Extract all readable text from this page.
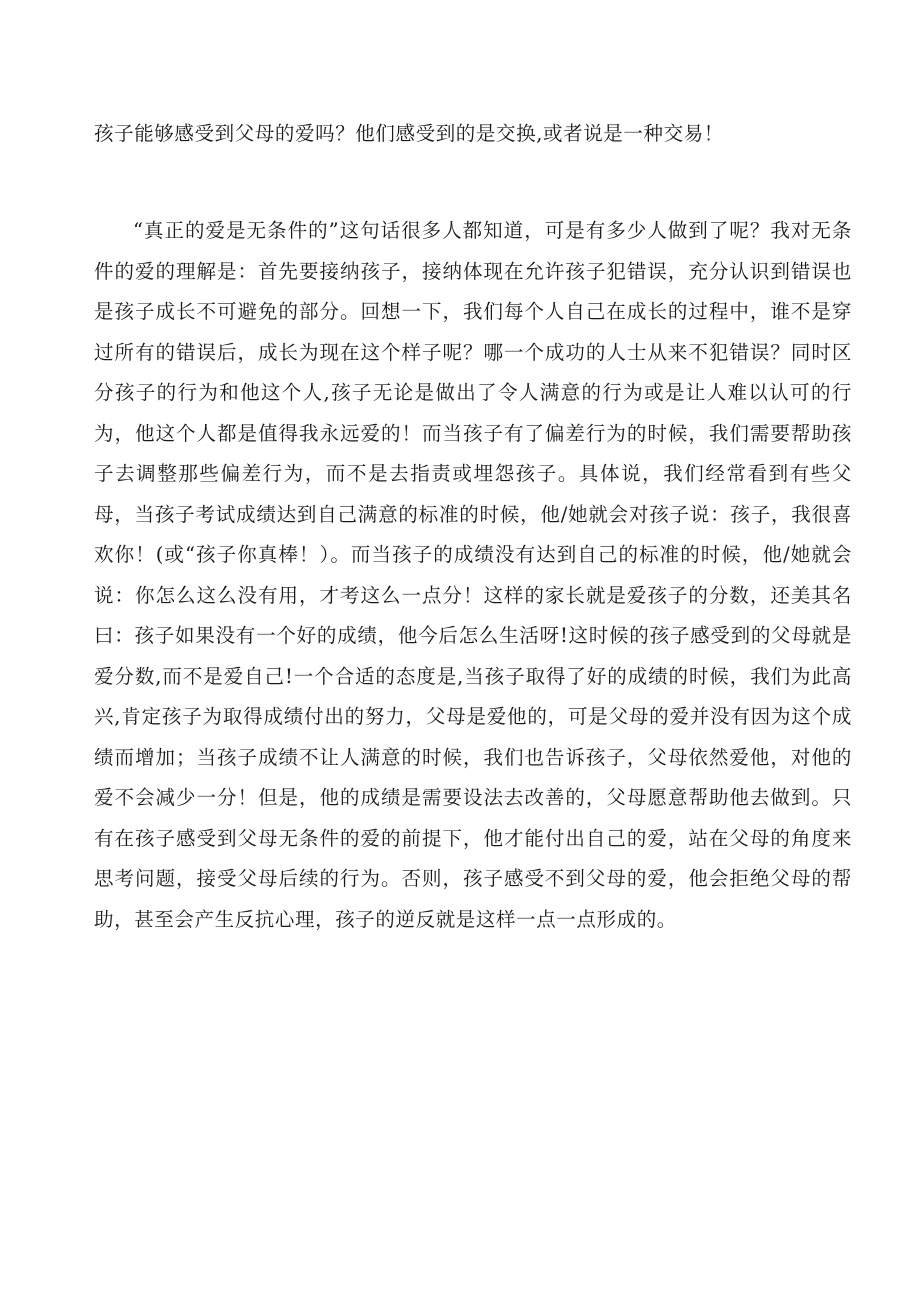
孩子能够感受到父母的爱吗？他们感受到的是交换,或者说是一种交易！

“真正的爱是无条件的”这句话很多人都知道，可是有多少人做到了呢？我对无条件的爱的理解是：首先要接纳孩子，接纳体现在允许孩子犯错误，充分认识到错误也是孩子成长不可避免的部分。回想一下，我们每个人自己在成长的过程中，谁不是穿过所有的错误后，成长为现在这个样子呢？哪一个成功的人士从来不犯错误？同时区分孩子的行为和他这个人,孩子无论是做出了令人满意的行为或是让人难以认可的行为，他这个人都是值得我永远爱的！而当孩子有了偏差行为的时候，我们需要帮助孩子去调整那些偏差行为，而不是去指责或埋怨孩子。具体说，我们经常看到有些父母，当孩子考试成绩达到自己满意的标准的时候，他/她就会对孩子说：孩子，我很喜欢你！(或“孩子你真棒！）。而当孩子的成绩没有达到自己的标准的时候，他/她就会说：你怎么这么没有用，才考这么一点分！这样的家长就是爱孩子的分数，还美其名曰：孩子如果没有一个好的成绩，他今后怎么生活呀!这时候的孩子感受到的父母就是爱分数,而不是爱自己!一个合适的态度是,当孩子取得了好的成绩的时候，我们为此高兴,肯定孩子为取得成绩付出的努力，父母是爱他的，可是父母的爱并没有因为这个成绩而增加；当孩子成绩不让人满意的时候，我们也告诉孩子，父母依然爱他，对他的爱不会减少一分！但是，他的成绩是需要设法去改善的，父母愿意帮助他去做到。只有在孩子感受到父母无条件的爱的前提下，他才能付出自己的爱，站在父母的角度来思考问题，接受父母后续的行为。否则，孩子感受不到父母的爱，他会拒绝父母的帮助，甚至会产生反抗心理，孩子的逆反就是这样一点一点形成的。
